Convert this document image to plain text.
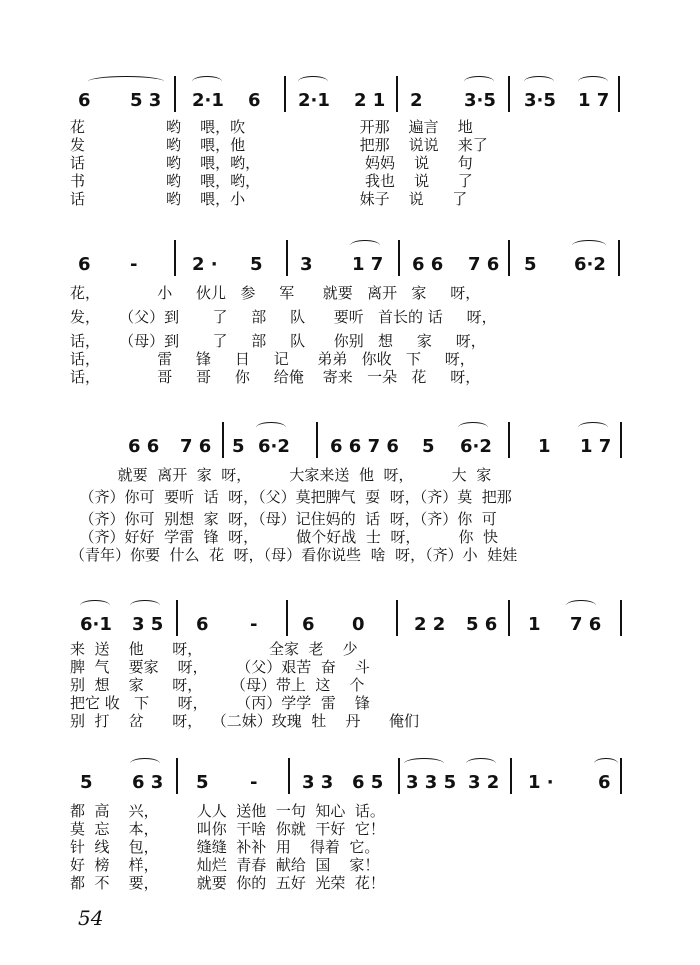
6 5 3 2·1 6 2·1 2 1 2 3·5 3·5 1 7
花                 哟    喂，吹                        开那    遍言    地
发                 哟    喂，他                        把那    说说    来了
话                 哟    喂，哟，                      妈妈    说      句
书                 哟    喂，哟，                      我也    说      了
话                 哟    喂，小                        妹子    说      了
6 -	2 · 5 3 1 7 6 6 7 6 5 6·2
花，            小     伙儿   参     军      就要   离开   家     呀，
发，    （父）到       了     部     队      要听   首长的 话     呀，
话，    （母）到       了     部     队      你别   想     家     呀，
话，            雷     锋     日     记      弟弟   你收   下     呀，
话，            哥     哥     你     给俺    寄来   一朵   花     呀，
6 6 7 6 5 6·2 6 6 7 6 5 6·2	1 1 7
就要  离开  家  呀，        大家来送  他  呀，        大  家
（齐）你可  要听  话  呀，（父）莫把脾气  耍  呀，（齐）莫  把那
（齐）你可  别想  家  呀，（母）记住妈的  话  呀，（齐）你  可
（齐）好好  学雷  锋  呀，        做个好战  士  呀，        你  快
（青年）你要  什么  花  呀，（母）看你说些  啥  呀，（齐）小  娃娃
6·1 3 5 6 - 6 0	2 2 5 6 1 7 6
来  送    他      呀，              全家  老    少
脾  气    要家    呀，      （父）艰苦  奋    斗
别  想    家      呀，      （母）带上  这    个
把它 收   下      呀，      （丙）学学  雷    锋
别  打    岔      呀，  （二妹）玫瑰  牡    丹      俺们
5 6 3 5 - 3 3 6 5 3 3 5 3 2 1 · 6
都  高    兴，        人人  送他  一句  知心  话。
莫  忘    本，        叫你  干啥  你就  干好  它！
针  线    包，        缝缝  补补  用    得着  它。
好  榜    样，        灿烂  青春  献给  国    家！
都  不    要，        就要  你的  五好  光荣  花！
54
